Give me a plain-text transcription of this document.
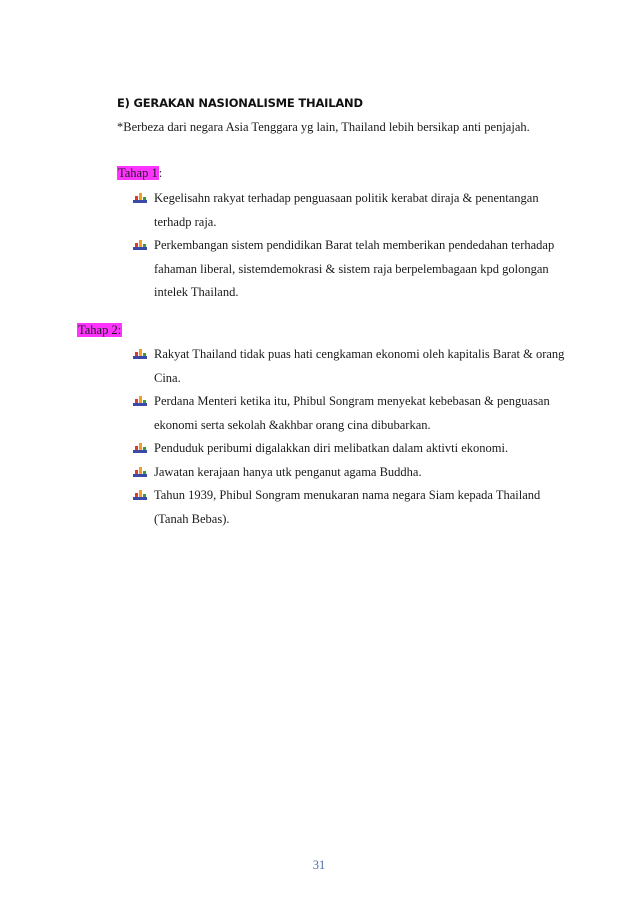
E) GERAKAN NASIONALISME THAILAND
*Berbeza dari negara Asia Tenggara yg lain, Thailand lebih bersikap anti penjajah.
Tahap 1:
Kegelisahn rakyat terhadap penguasaan politik kerabat diraja & penentangan terhadp raja.
Perkembangan sistem pendidikan Barat telah memberikan pendedahan terhadap fahaman liberal, sistemdemokrasi & sistem raja berpelembagaan kpd golongan intelek Thailand.
Tahap 2:
Rakyat Thailand tidak puas hati cengkaman ekonomi oleh kapitalis Barat & orang Cina.
Perdana Menteri ketika itu, Phibul Songram menyekat kebebasan & penguasan ekonomi serta sekolah &akhbar orang cina dibubarkan.
Penduduk peribumi digalakkan diri melibatkan dalam aktivti ekonomi.
Jawatan kerajaan hanya utk penganut agama Buddha.
Tahun 1939, Phibul Songram menukaran nama negara Siam kepada Thailand (Tanah Bebas).
31
